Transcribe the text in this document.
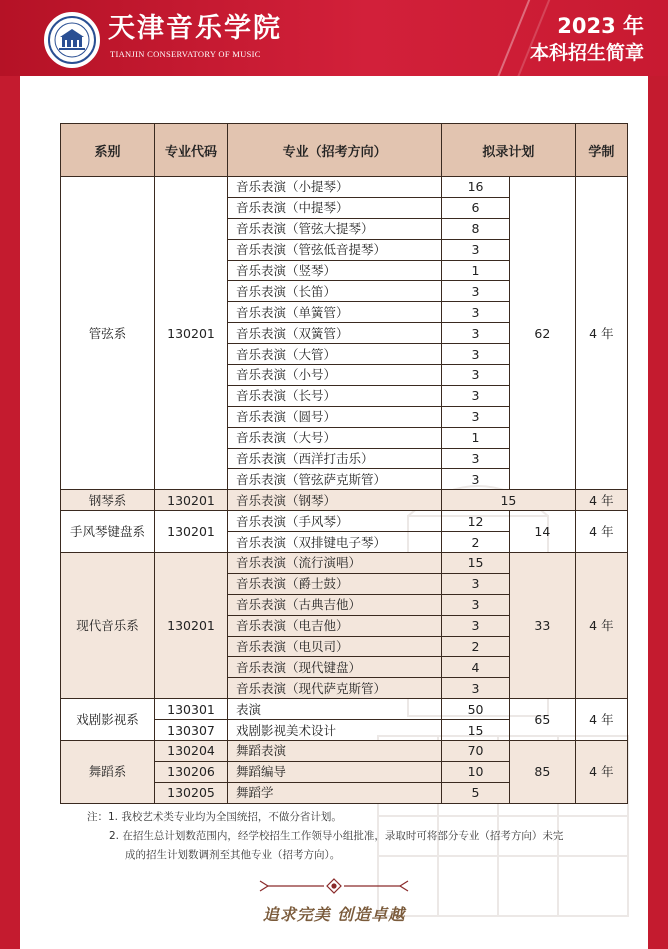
天津音乐学院
TIANJIN CONSERVATORY OF MUSIC
2023 年
本科招生简章
系别	专业代码	专业（招考方向）	拟录计划		学制
管弦系	130201	音乐表演（小提琴）	16	62	4 年
		音乐表演（中提琴）	6		
		音乐表演（管弦大提琴）	8		
		音乐表演（管弦低音提琴）	3		
		音乐表演（竖琴）	1		
		音乐表演（长笛）	3		
		音乐表演（单簧管）	3		
		音乐表演（双簧管）	3		
		音乐表演（大管）	3		
		音乐表演（小号）	3		
		音乐表演（长号）	3		
		音乐表演（圆号）	3		
		音乐表演（大号）	1		
		音乐表演（西洋打击乐）	3		
		音乐表演（管弦萨克斯管）	3		
钢琴系	130201	音乐表演（钢琴）	15		4 年
手风琴键盘系	130201	音乐表演（手风琴）	12	14	4 年
		音乐表演（双排键电子琴）	2		
现代音乐系	130201	音乐表演（流行演唱）	15	33	4 年
		音乐表演（爵士鼓）	3		
		音乐表演（古典吉他）	3		
		音乐表演（电吉他）	3		
		音乐表演（电贝司）	2		
		音乐表演（现代键盘）	4		
		音乐表演（现代萨克斯管）	3		
戏剧影视系	130301	表演	50	65	4 年
	130307	戏剧影视美术设计	15		
舞蹈系	130204	舞蹈表演	70	85	4 年
	130206	舞蹈编导	10		
	130205	舞蹈学	5		
注：1. 我校艺术类专业均为全国统招，不做分省计划。
2. 在招生总计划数范围内，经学校招生工作领导小组批准，录取时可将部分专业（招考方向）未完
成的招生计划数调剂至其他专业（招考方向）。
追求完美 创造卓越
